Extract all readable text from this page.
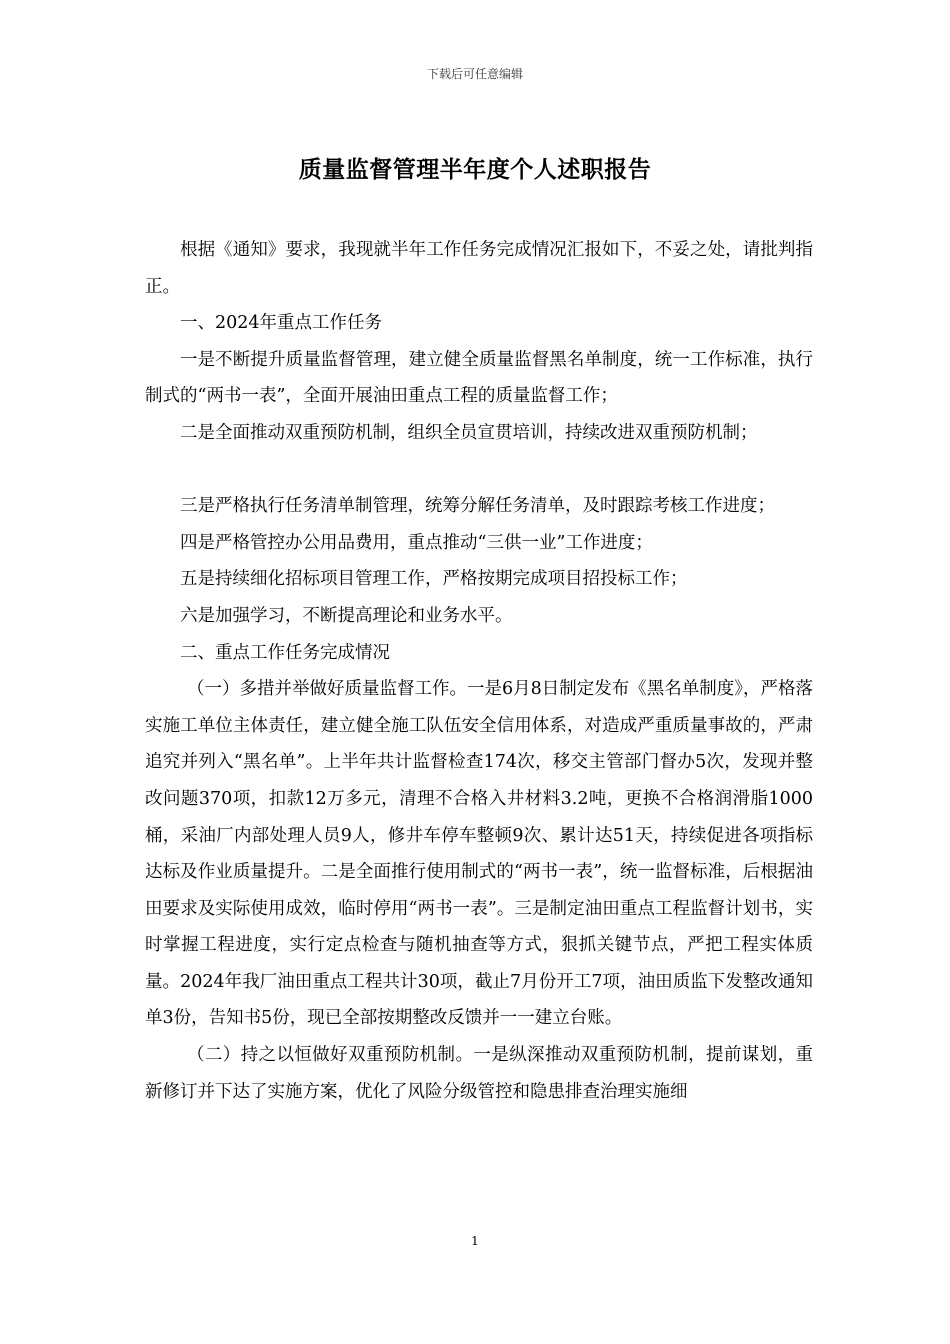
下载后可任意编辑
质量监督管理半年度个人述职报告

根据《通知》要求，我现就半年工作任务完成情况汇报如下，不妥之处，请批判指正。

一、2024年重点工作任务

一是不断提升质量监督管理，建立健全质量监督黑名单制度，统一工作标准，执行制式的“两书一表”，全面开展油田重点工程的质量监督工作；

二是全面推动双重预防机制，组织全员宣贯培训，持续改进双重预防机制；

三是严格执行任务清单制管理，统筹分解任务清单，及时跟踪考核工作进度；

四是严格管控办公用品费用，重点推动“三供一业”工作进度；

五是持续细化招标项目管理工作，严格按期完成项目招投标工作；

六是加强学习，不断提高理论和业务水平。

二、重点工作任务完成情况

（一）多措并举做好质量监督工作。一是6月8日制定发布《黑名单制度》，严格落实施工单位主体责任，建立健全施工队伍安全信用体系，对造成严重质量事故的，严肃追究并列入“黑名单”。上半年共计监督检查174次，移交主管部门督办5次，发现并整改问题370项，扣款12万多元，清理不合格入井材料3.2吨，更换不合格润滑脂1000桶，采油厂内部处理人员9人，修井车停车整顿9次、累计达51天，持续促进各项指标达标及作业质量提升。二是全面推行使用制式的“两书一表”，统一监督标准，后根据油田要求及实际使用成效，临时停用“两书一表”。三是制定油田重点工程监督计划书，实时掌握工程进度，实行定点检查与随机抽查等方式，狠抓关键节点，严把工程实体质量。2024年我厂油田重点工程共计30项，截止7月份开工7项，油田质监下发整改通知单3份，告知书5份，现已全部按期整改反馈并一一建立台账。

（二）持之以恒做好双重预防机制。一是纵深推动双重预防机制，提前谋划，重新修订并下达了实施方案，优化了风险分级管控和隐患排查治理实施细

1
